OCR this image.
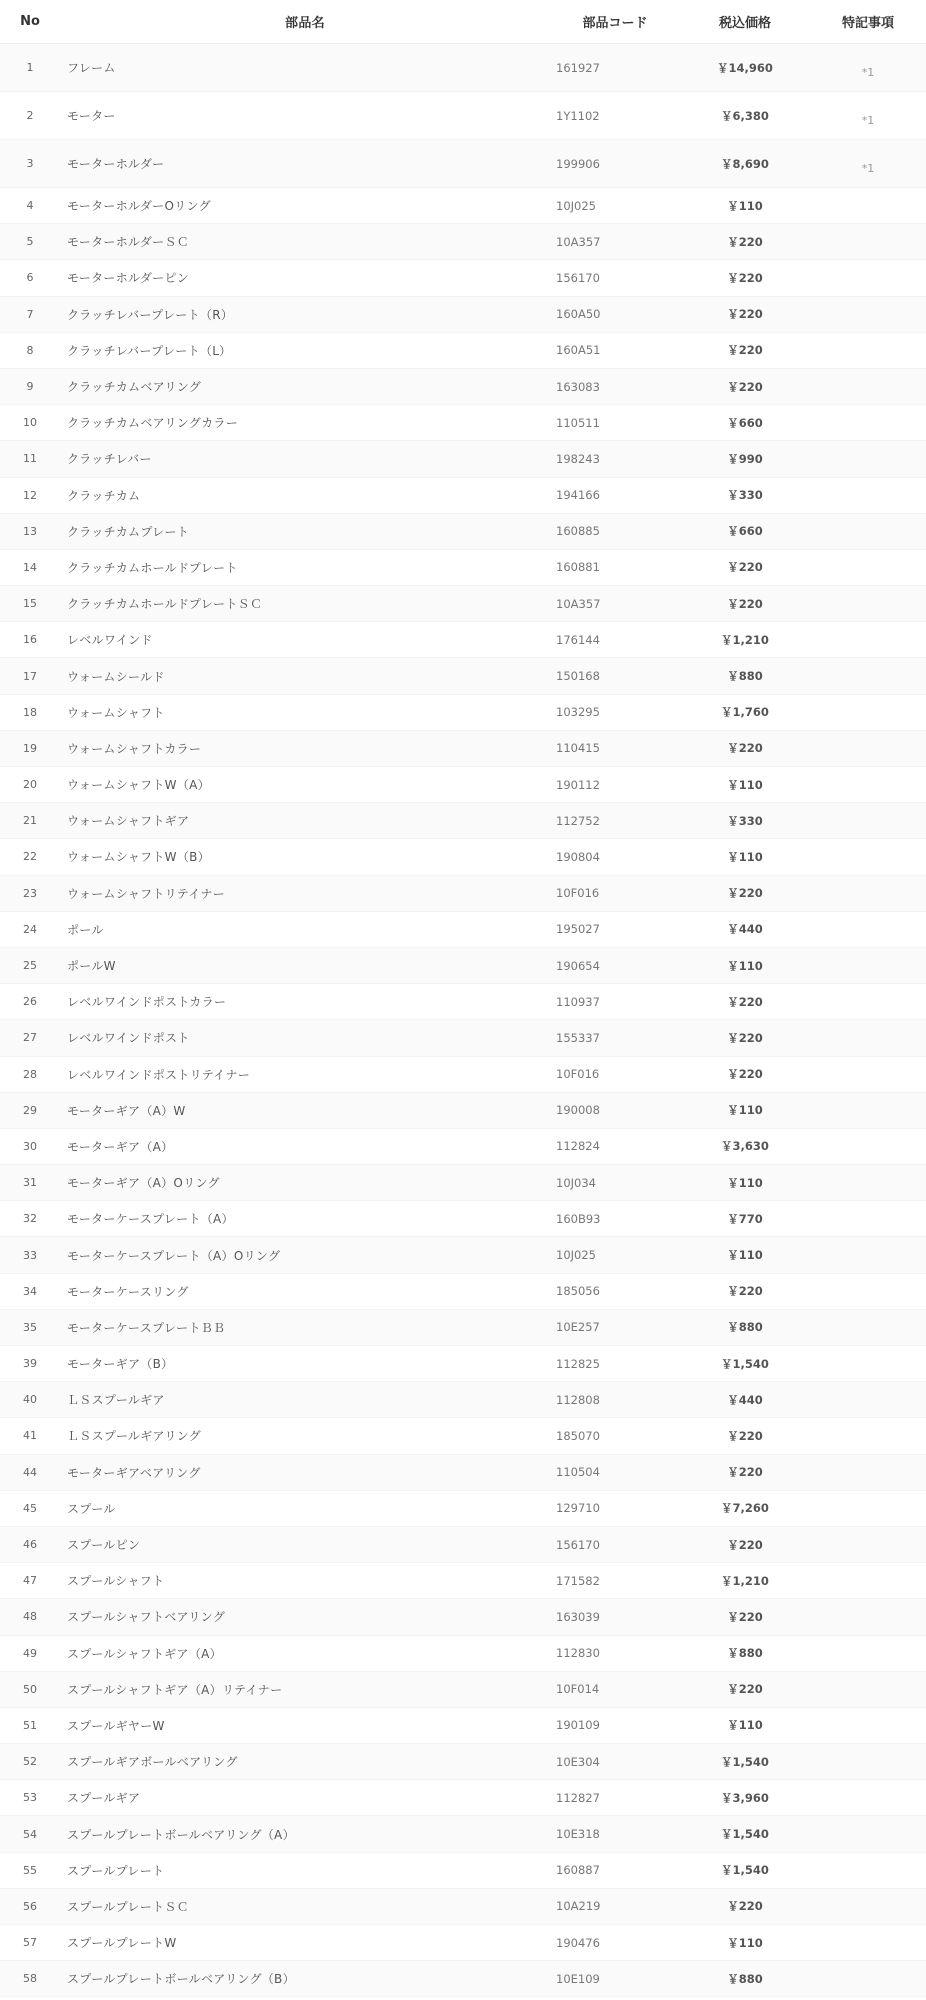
No	部品名	部品コード	税込価格	特記事項
1	フレーム	161927	￥14,960	*1
2	モーター	1Y1102	￥6,380	*1
3	モーターホルダー	199906	￥8,690	*1
4	モーターホルダーOリング	10J025	￥110
5	モーターホルダーＳＣ	10A357	￥220
6	モーターホルダーピン	156170	￥220
7	クラッチレバープレート（R）	160A50	￥220
8	クラッチレバープレート（L）	160A51	￥220
9	クラッチカムベアリング	163083	￥220
10	クラッチカムベアリングカラー	110511	￥660
11	クラッチレバー	198243	￥990
12	クラッチカム	194166	￥330
13	クラッチカムプレート	160885	￥660
14	クラッチカムホールドプレート	160881	￥220
15	クラッチカムホールドプレートＳＣ	10A357	￥220
16	レベルワインド	176144	￥1,210
17	ウォームシールド	150168	￥880
18	ウォームシャフト	103295	￥1,760
19	ウォームシャフトカラー	110415	￥220
20	ウォームシャフトW（A）	190112	￥110
21	ウォームシャフトギア	112752	￥330
22	ウォームシャフトW（B）	190804	￥110
23	ウォームシャフトリテイナー	10F016	￥220
24	ポール	195027	￥440
25	ポールW	190654	￥110
26	レベルワインドポストカラー	110937	￥220
27	レベルワインドポスト	155337	￥220
28	レベルワインドポストリテイナー	10F016	￥220
29	モーターギア（A）W	190008	￥110
30	モーターギア（A）	112824	￥3,630
31	モーターギア（A）Oリング	10J034	￥110
32	モーターケースプレート（A）	160B93	￥770
33	モーターケースプレート（A）Oリング	10J025	￥110
34	モーターケースリング	185056	￥220
35	モーターケースプレートＢＢ	10E257	￥880
39	モーターギア（B）	112825	￥1,540
40	ＬＳスプールギア	112808	￥440
41	ＬＳスプールギアリング	185070	￥220
44	モーターギアベアリング	110504	￥220
45	スプール	129710	￥7,260
46	スプールピン	156170	￥220
47	スプールシャフト	171582	￥1,210
48	スプールシャフトベアリング	163039	￥220
49	スプールシャフトギア（A）	112830	￥880
50	スプールシャフトギア（A）リテイナー	10F014	￥220
51	スプールギヤーW	190109	￥110
52	スプールギアボールベアリング	10E304	￥1,540
53	スプールギア	112827	￥3,960
54	スプールプレートボールベアリング（A）	10E318	￥1,540
55	スプールプレート	160887	￥1,540
56	スプールプレートＳＣ	10A219	￥220
57	スプールプレートW	190476	￥110
58	スプールプレートボールベアリング（B）	10E109	￥880
